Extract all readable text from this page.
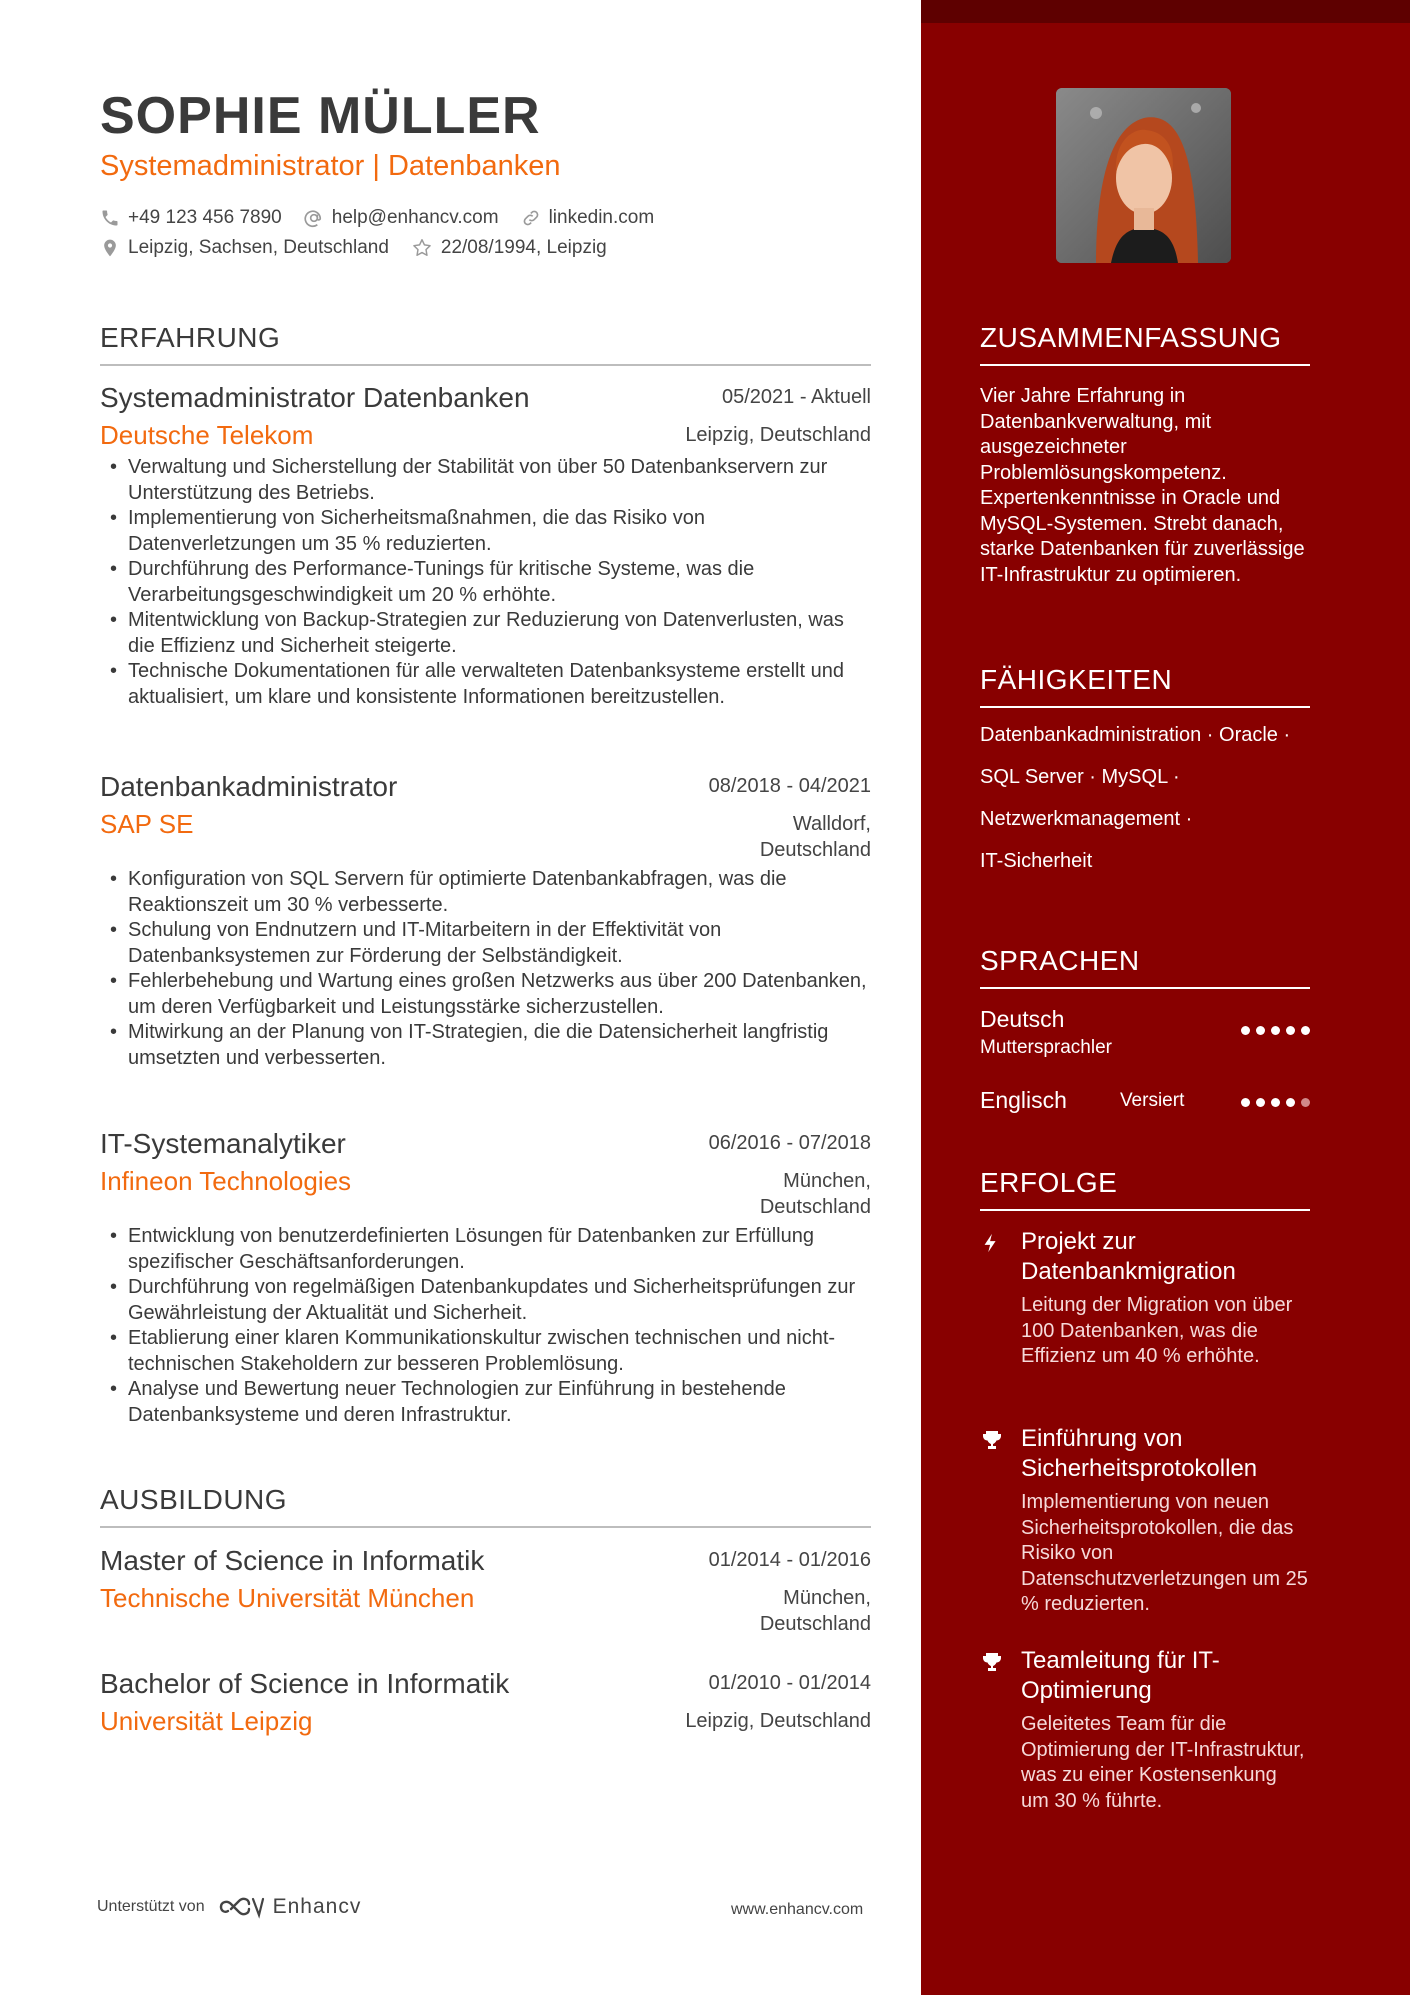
SOPHIE MÜLLER
Systemadministrator | Datenbanken
+49 123 456 7890	help@enhancv.com	linkedin.com
Leipzig, Sachsen, Deutschland	22/08/1994, Leipzig
ERFAHRUNG
Systemadministrator Datenbanken	05/2021 - Aktuell
Deutsche Telekom	Leipzig, Deutschland
• Verwaltung und Sicherstellung der Stabilität von über 50 Datenbankservern zur Unterstützung des Betriebs.
• Implementierung von Sicherheitsmaßnahmen, die das Risiko von Datenverletzungen um 35 % reduzierten.
• Durchführung des Performance-Tunings für kritische Systeme, was die Verarbeitungsgeschwindigkeit um 20 % erhöhte.
• Mitentwicklung von Backup-Strategien zur Reduzierung von Datenverlusten, was die Effizienz und Sicherheit steigerte.
• Technische Dokumentationen für alle verwalteten Datenbanksysteme erstellt und aktualisiert, um klare und konsistente Informationen bereitzustellen.
Datenbankadministrator	08/2018 - 04/2021
SAP SE	Walldorf,
Deutschland
• Konfiguration von SQL Servern für optimierte Datenbankabfragen, was die Reaktionszeit um 30 % verbesserte.
• Schulung von Endnutzern und IT-Mitarbeitern in der Effektivität von Datenbanksystemen zur Förderung der Selbständigkeit.
• Fehlerbehebung und Wartung eines großen Netzwerks aus über 200 Datenbanken, um deren Verfügbarkeit und Leistungsstärke sicherzustellen.
• Mitwirkung an der Planung von IT-Strategien, die die Datensicherheit langfristig umsetzten und verbesserten.
IT-Systemanalytiker	06/2016 - 07/2018
Infineon Technologies	München,
Deutschland
• Entwicklung von benutzerdefinierten Lösungen für Datenbanken zur Erfüllung spezifischer Geschäftsanforderungen.
• Durchführung von regelmäßigen Datenbankupdates und Sicherheitsprüfungen zur Gewährleistung der Aktualität und Sicherheit.
• Etablierung einer klaren Kommunikationskultur zwischen technischen und nicht-technischen Stakeholdern zur besseren Problemlösung.
• Analyse und Bewertung neuer Technologien zur Einführung in bestehende Datenbanksysteme und deren Infrastruktur.
AUSBILDUNG
Master of Science in Informatik	01/2014 - 01/2016
Technische Universität München	München,
Deutschland
Bachelor of Science in Informatik	01/2010 - 01/2014
Universität Leipzig	Leipzig, Deutschland
Unterstützt von	Enhancv	www.enhancv.com
ZUSAMMENFASSUNG
Vier Jahre Erfahrung in Datenbankverwaltung, mit ausgezeichneter Problemlösungskompetenz. Expertenkenntnisse in Oracle und MySQL-Systemen. Strebt danach, starke Datenbanken für zuverlässige IT-Infrastruktur zu optimieren.
FÄHIGKEITEN
Datenbankadministration · Oracle ·
SQL Server · MySQL ·
Netzwerkmanagement ·
IT-Sicherheit
SPRACHEN
Deutsch
Muttersprachler
Englisch	Versiert
ERFOLGE
Projekt zur Datenbankmigration
Leitung der Migration von über 100 Datenbanken, was die Effizienz um 40 % erhöhte.
Einführung von Sicherheitsprotokollen
Implementierung von neuen Sicherheitsprotokollen, die das Risiko von Datenschutzverletzungen um 25 % reduzierten.
Teamleitung für IT-Optimierung
Geleitetes Team für die Optimierung der IT-Infrastruktur, was zu einer Kostensenkung um 30 % führte.
